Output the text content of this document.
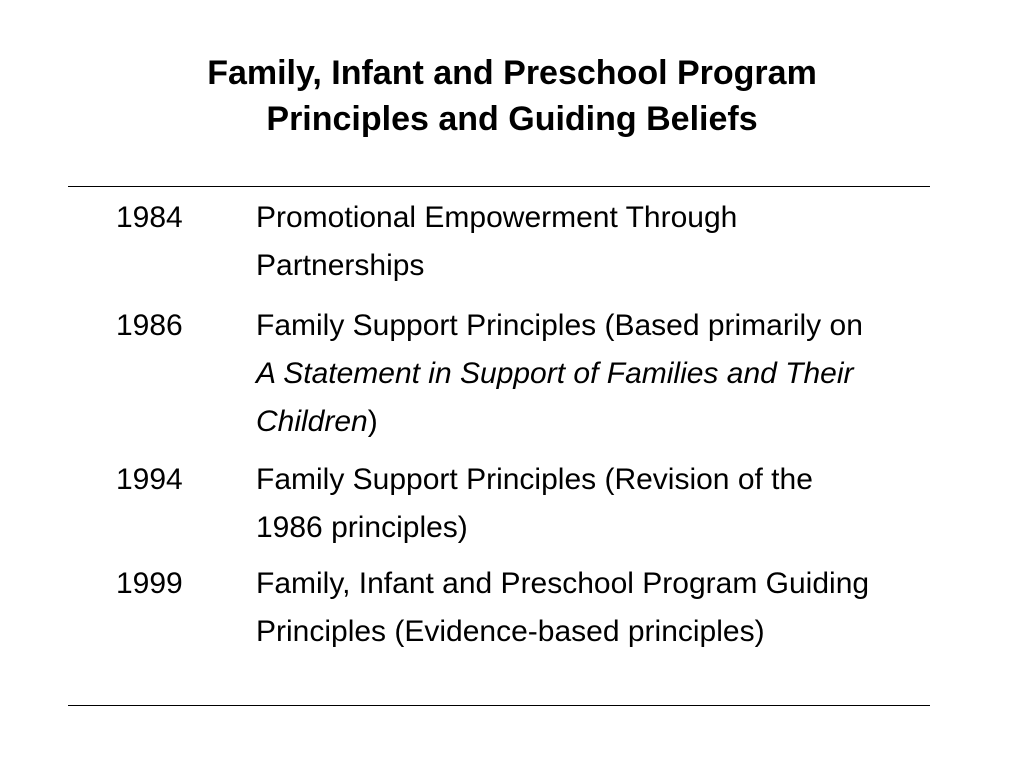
Family, Infant and Preschool Program
Principles and Guiding Beliefs
1984	Promotional Empowerment Through Partnerships
1986	Family Support Principles (Based primarily on A Statement in Support of Families and Their Children)
1994	Family Support Principles (Revision of the 1986 principles)
1999	Family, Infant and Preschool Program Guiding Principles (Evidence-based principles)
